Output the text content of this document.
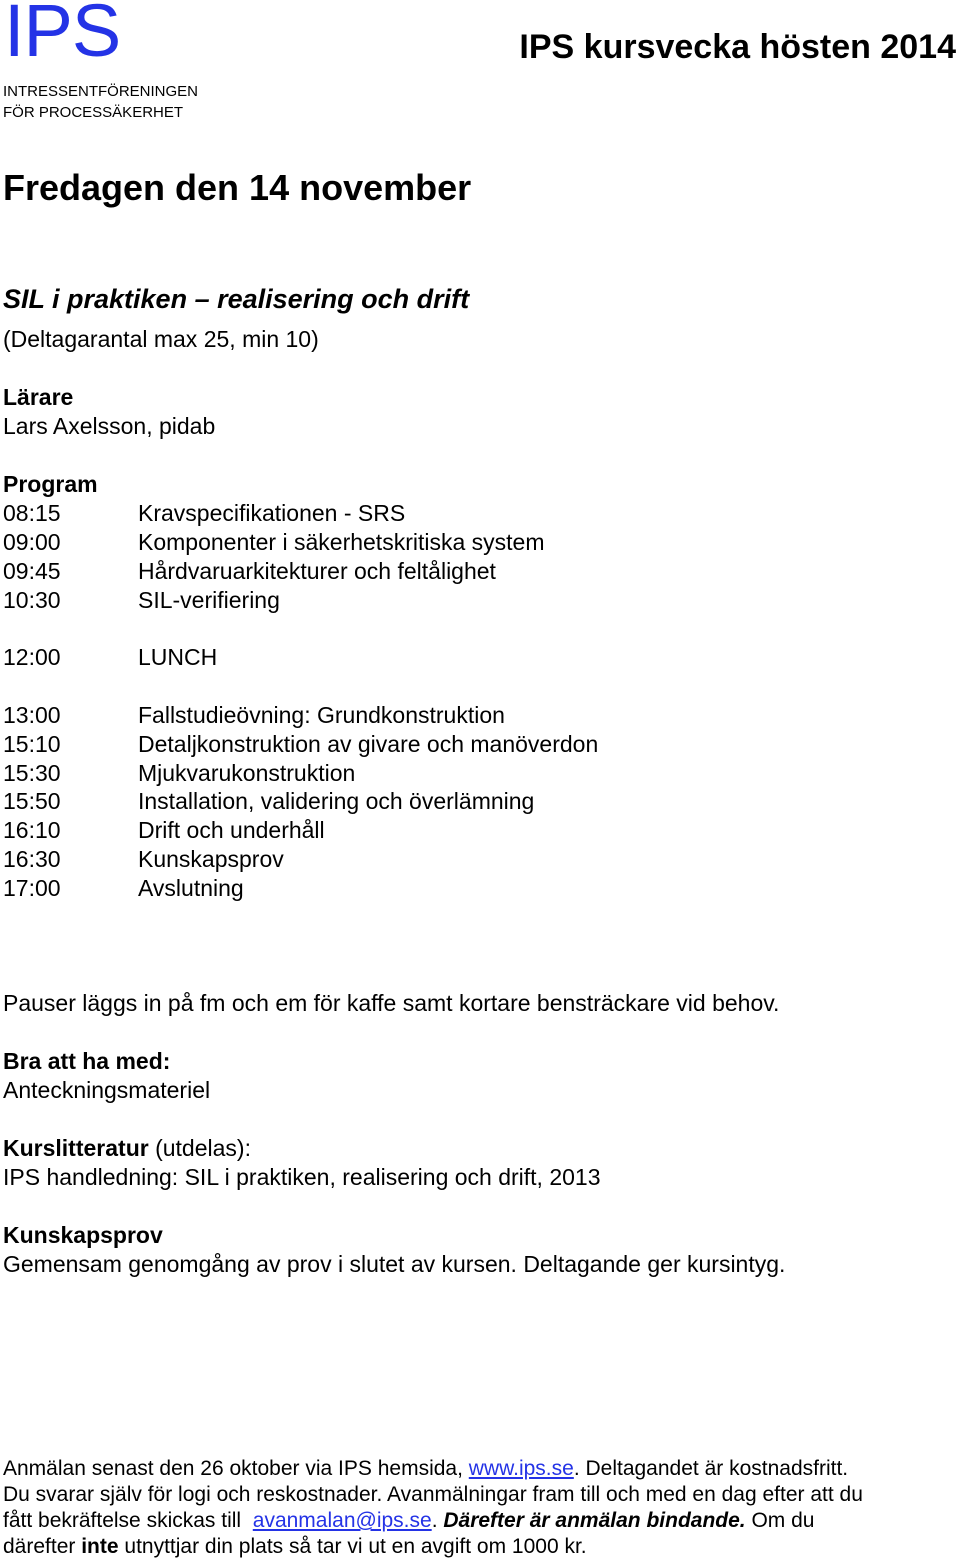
IPS
INTRESSENTFÖRENINGEN
FÖR PROCESSÄKERHET
IPS kursvecka hösten 2014
Fredagen den 14 november
SIL i praktiken – realisering och drift
(Deltagarantal max 25, min 10)
Lärare
Lars Axelsson, pidab
Program
08:15	Kravspecifikationen - SRS
09:00	Komponenter i säkerhetskritiska system
09:45	Hårdvaruarkitekturer och feltålighet
10:30	SIL-verifiering
12:00	LUNCH
13:00	Fallstudieövning: Grundkonstruktion
15:10	Detaljkonstruktion av givare och manöverdon
15:30	Mjukvarukonstruktion
15:50	Installation, validering och överlämning
16:10	Drift och underhåll
16:30	Kunskapsprov
17:00	Avslutning
Pauser läggs in på fm och em för kaffe samt kortare bensträckare vid behov.
Bra att ha med:
Anteckningsmateriel
Kurslitteratur (utdelas):
IPS handledning: SIL i praktiken, realisering och drift, 2013
Kunskapsprov
Gemensam genomgång av prov i slutet av kursen. Deltagande ger kursintyg.
Anmälan senast den 26 oktober via IPS hemsida, www.ips.se. Deltagandet är kostnadsfritt.
Du svarar själv för logi och reskostnader. Avanmälningar fram till och med en dag efter att du
fått bekräftelse skickas till  avanmalan@ips.se. Därefter är anmälan bindande. Om du
därefter inte utnyttjar din plats så tar vi ut en avgift om 1000 kr.
